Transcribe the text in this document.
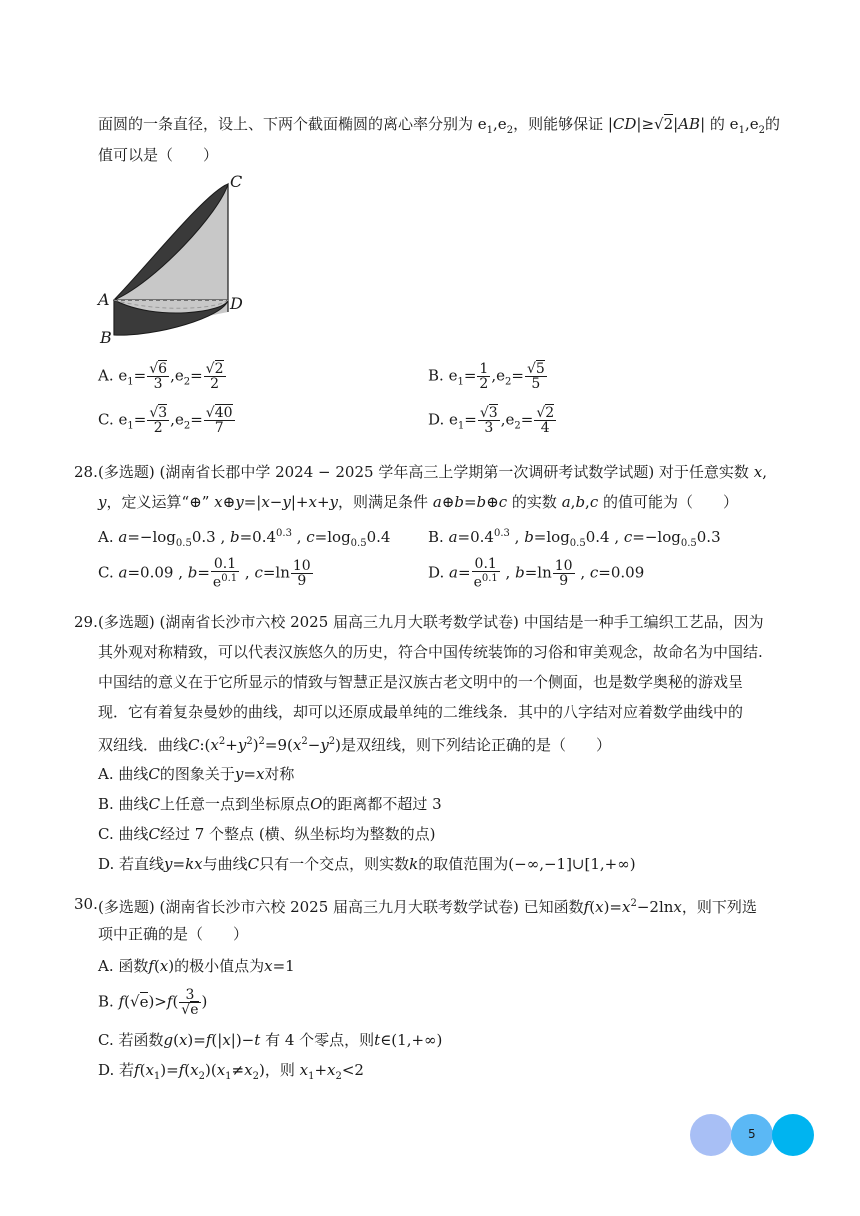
面圆的一条直径，设上、下两个截面椭圆的离心率分别为 $e_1,e_2$，则能够保证 |CD|≥√2|AB| 的 $e_1,e_2$的
值可以是（　　）
C
A	D
B
A. $e_1= \frac{√6}{3} ,e_2= \frac{√2}{2}$	B. $e_1= \frac{1}{2} ,e_2= \frac{√5}{5}$
C. $e_1= \frac{√3}{2} ,e_2= \frac{√40}{7}$	D. $e_1= \frac{√3}{3} ,e_2= \frac{√2}{4}$
28. (多选题) (湖南省长郡中学 2024 − 2025 学年高三上学期第一次调研考试数学试题) 对于任意实数 x,
y，定义运算“⊕” x⊕y=|x−y|+x+y，则满足条件 a⊕b=b⊕c 的实数 a,b,c 的值可能为（　　）
A. $a=-\log_{0.5}0.3$ , $b=0.4^{0.3}$ , $c=\log_{0.5}0.4$	B. $a=0.4^{0.3}$ , $b=\log_{0.5}0.4$ , $c=-\log_{0.5}0.3$
C. a=0.09 , $b= \frac{0.1}{e^{0.1}}$ , $c=\ln \frac{10}{9}$	D. $a= \frac{0.1}{e^{0.1}}$ , $b=\ln \frac{10}{9}$ , c=0.09
29. (多选题) (湖南省长沙市六校 2025 届高三九月大联考数学试卷) 中国结是一种手工编织工艺品，因为
其外观对称精致，可以代表汉族悠久的历史，符合中国传统装饰的习俗和审美观念，故命名为中国结.
中国结的意义在于它所显示的情致与智慧正是汉族古老文明中的一个侧面，也是数学奥秘的游戏呈
现．它有着复杂曼妙的曲线，却可以还原成最单纯的二维线条．其中的八字结对应着数学曲线中的
双纽线．曲线$C:(x^2+y^2)^2=9(x^2-y^2)$是双纽线，则下列结论正确的是（　　）
A. 曲线C的图象关于y=x对称
B. 曲线C上任意一点到坐标原点O的距离都不超过 3
C. 曲线C经过 7 个整点 (横、纵坐标均为整数的点)
D. 若直线y=kx与曲线C只有一个交点，则实数k的取值范围为(−∞,−1]∪[1,+∞)
30. (多选题) (湖南省长沙市六校 2025 届高三九月大联考数学试卷) 已知函数$f(x)=x^2-2\ln x$，则下列选
项中正确的是（　　）
A. 函数f(x)的极小值点为x=1
B. $f(√e)>f( \frac{3}{√e}$ )
C. 若函数g(x)=f(|x|)−t 有 4 个零点，则t∈(1,+∞)
D. 若$f(x_1)=f(x_2)(x_1\ne x_2)$，则 $x_1+x_2<2$
5
